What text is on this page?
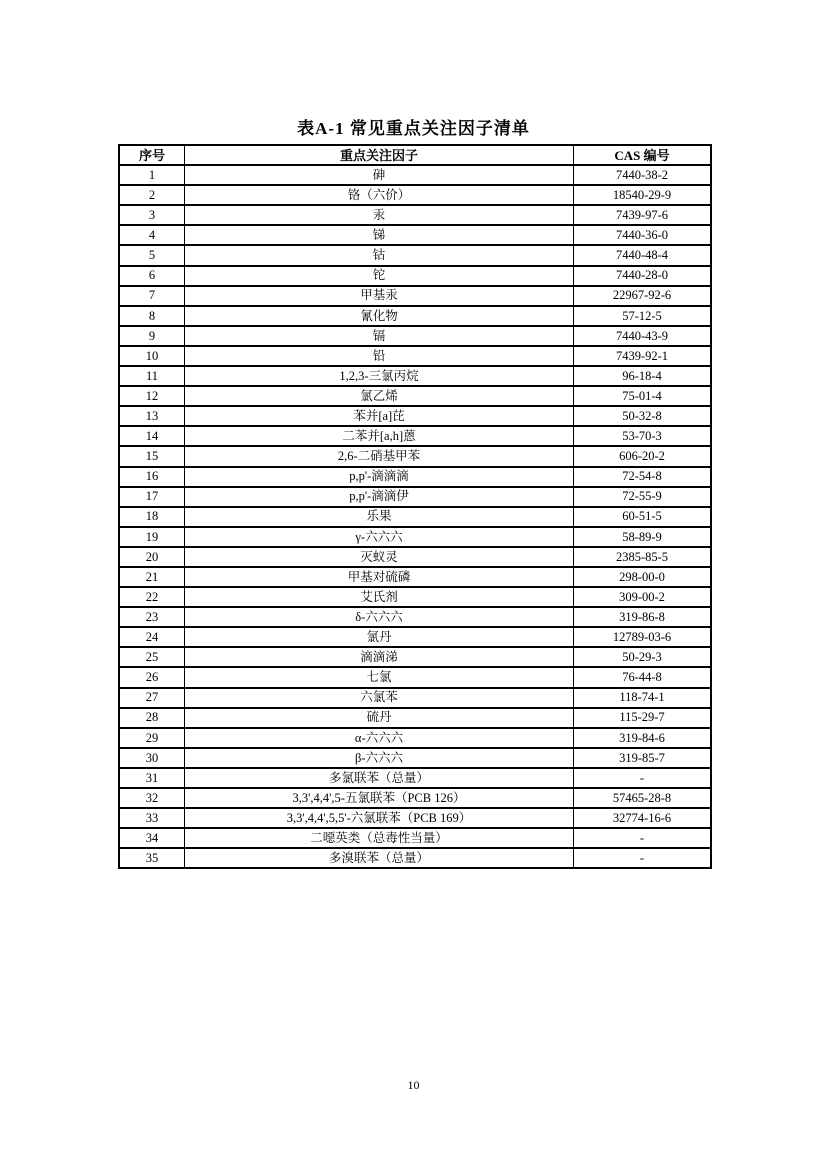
表A-1 常见重点关注因子清单
序号	重点关注因子	CAS 编号
1	砷	7440-38-2
2	铬（六价）	18540-29-9
3	汞	7439-97-6
4	锑	7440-36-0
5	钴	7440-48-4
6	铊	7440-28-0
7	甲基汞	22967-92-6
8	氰化物	57-12-5
9	镉	7440-43-9
10	铅	7439-92-1
11	1,2,3-三氯丙烷	96-18-4
12	氯乙烯	75-01-4
13	苯并[a]芘	50-32-8
14	二苯并[a,h]蒽	53-70-3
15	2,6-二硝基甲苯	606-20-2
16	p,p'-滴滴滴	72-54-8
17	p,p'-滴滴伊	72-55-9
18	乐果	60-51-5
19	γ-六六六	58-89-9
20	灭蚁灵	2385-85-5
21	甲基对硫磷	298-00-0
22	艾氏剂	309-00-2
23	δ-六六六	319-86-8
24	氯丹	12789-03-6
25	滴滴涕	50-29-3
26	七氯	76-44-8
27	六氯苯	118-74-1
28	硫丹	115-29-7
29	α-六六六	319-84-6
30	β-六六六	319-85-7
31	多氯联苯（总量）	-
32	3,3',4,4',5-五氯联苯（PCB 126）	57465-28-8
33	3,3',4,4',5,5'-六氯联苯（PCB 169）	32774-16-6
34	二噁英类（总毒性当量）	-
35	多溴联苯（总量）	-
10
